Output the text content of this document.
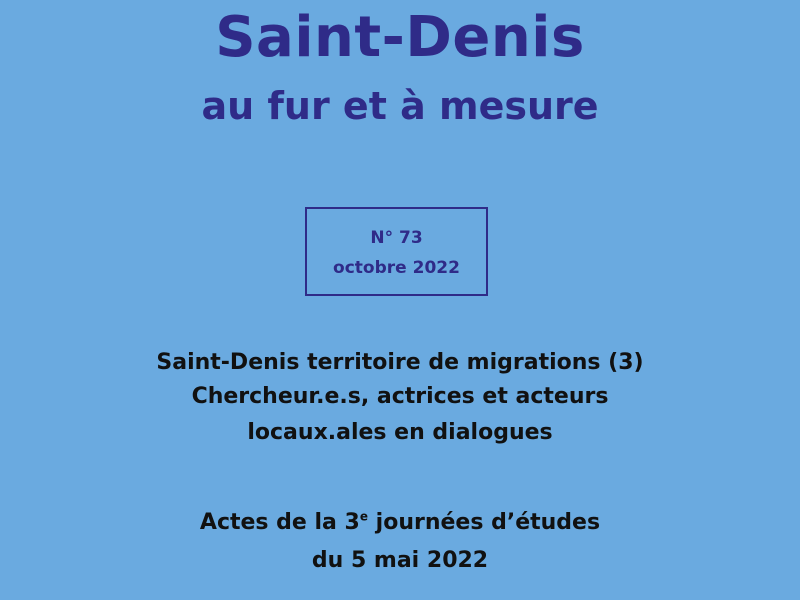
Saint-Denis
au fur et à mesure
N° 73
octobre 2022
Saint-Denis territoire de migrations (3)
Chercheur.e.s, actrices et acteurs
locaux.ales en dialogues
Actes de la 3e journées d’études
du 5 mai 2022
